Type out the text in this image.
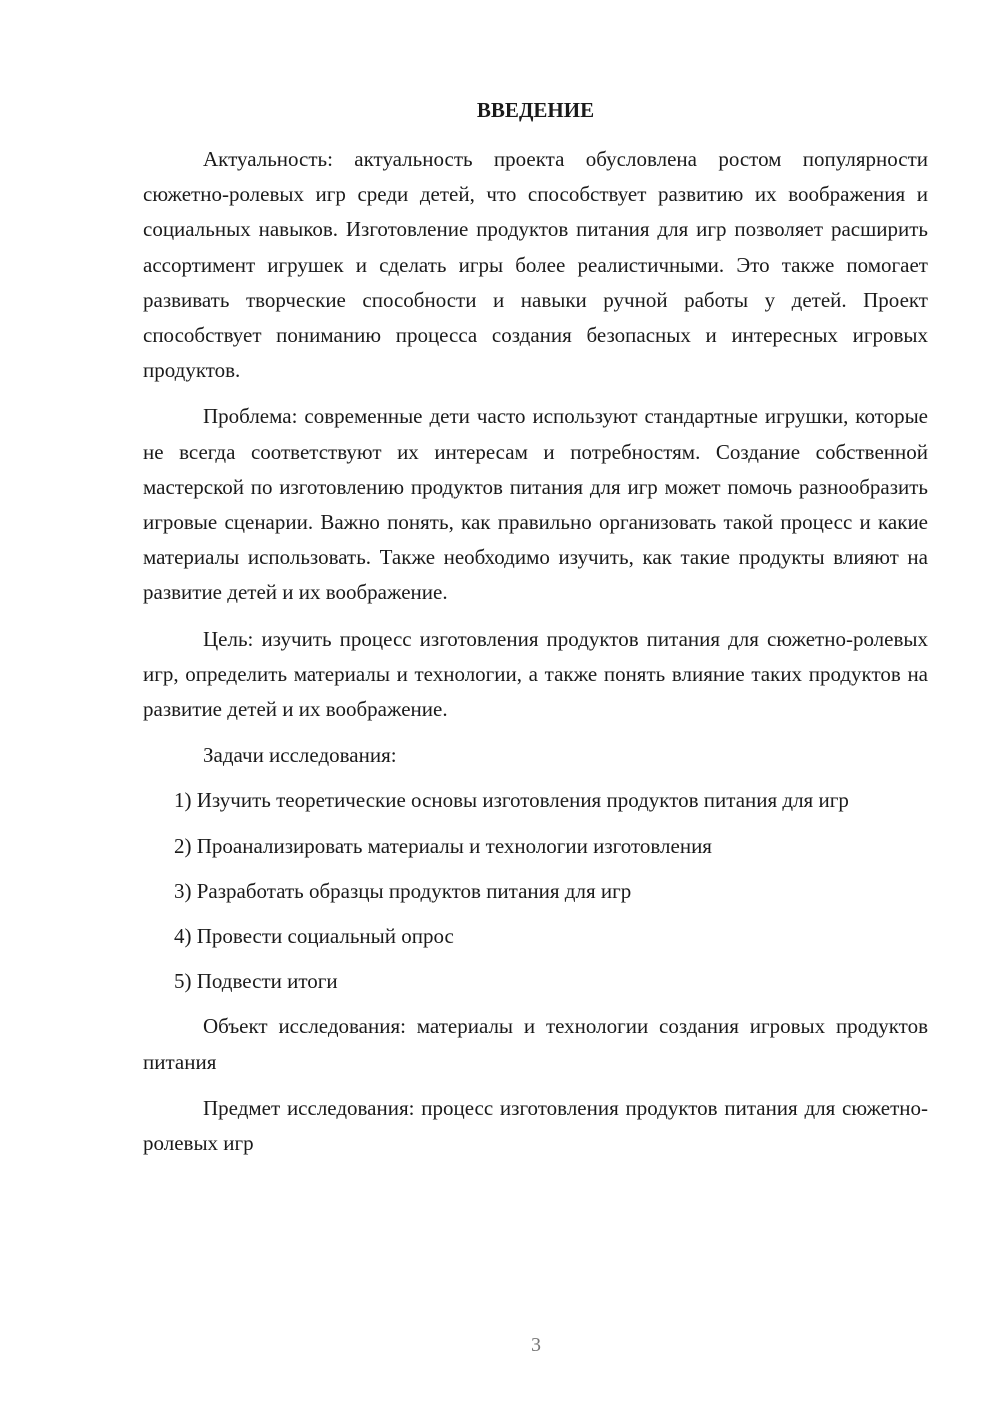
ВВЕДЕНИЕ

Актуальность: актуальность проекта обусловлена ростом популярности сюжетно-ролевых игр среди детей, что способствует развитию их воображения и социальных навыков. Изготовление продуктов питания для игр позволяет расширить ассортимент игрушек и сделать игры более реалистичными. Это также помогает развивать творческие способности и навыки ручной работы у детей. Проект способствует пониманию процесса создания безопасных и интересных игровых продуктов.

Проблема: современные дети часто используют стандартные игрушки, которые не всегда соответствуют их интересам и потребностям. Создание собственной мастерской по изготовлению продуктов питания для игр может помочь разнообразить игровые сценарии. Важно понять, как правильно организовать такой процесс и какие материалы использовать. Также необходимо изучить, как такие продукты влияют на развитие детей и их воображение.

Цель: изучить процесс изготовления продуктов питания для сюжетно-ролевых игр, определить материалы и технологии, а также понять влияние таких продуктов на развитие детей и их воображение.

Задачи исследования:

1) Изучить теоретические основы изготовления продуктов питания для игр

2) Проанализировать материалы и технологии изготовления

3) Разработать образцы продуктов питания для игр

4) Провести социальный опрос

5) Подвести итоги

Объект исследования: материалы и технологии создания игровых продуктов питания

Предмет исследования: процесс изготовления продуктов питания для сюжетно-ролевых игр

3
